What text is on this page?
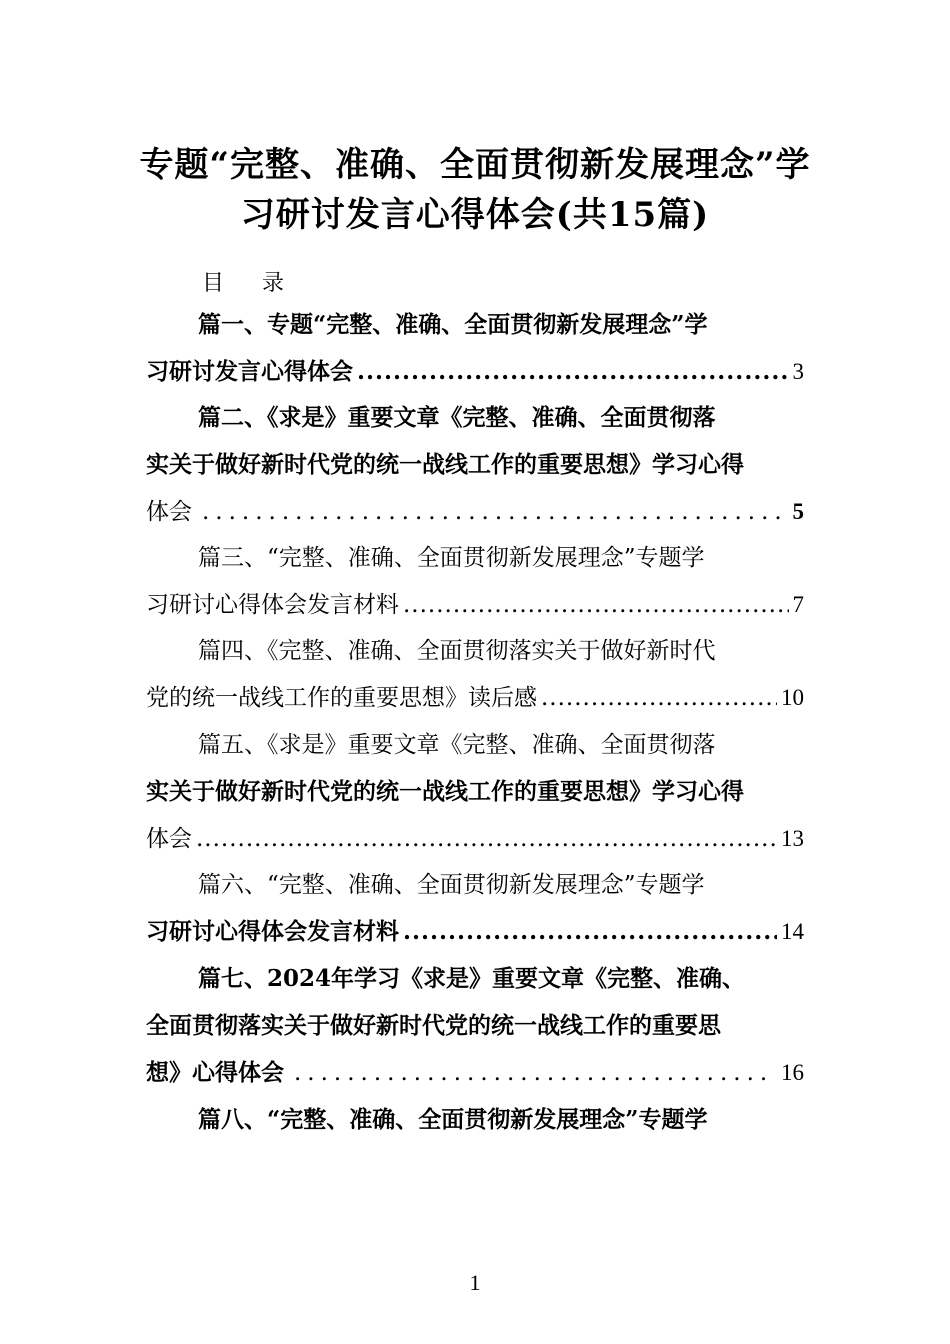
专题“完整、准确、全面贯彻新发展理念”学
习研讨发言心得体会(共15篇)
目 录
篇一、专题“完整、准确、全面贯彻新发展理念”学
习研讨发言心得体会 .....	3
篇二、《求是》重要文章《完整、准确、全面贯彻落
实关于做好新时代党的统一战线工作的重要思想》学习心得
体会 .....	5
篇三、“完整、准确、全面贯彻新发展理念”专题学
习研讨心得体会发言材料 .....	7
篇四、《完整、准确、全面贯彻落实关于做好新时代
党的统一战线工作的重要思想》读后感 .....	10
篇五、《求是》重要文章《完整、准确、全面贯彻落
实关于做好新时代党的统一战线工作的重要思想》学习心得
体会 .....	13
篇六、“完整、准确、全面贯彻新发展理念”专题学
习研讨心得体会发言材料 .....	14
篇七、2024年学习《求是》重要文章《完整、准确、
全面贯彻落实关于做好新时代党的统一战线工作的重要思
想》心得体会 .....	16
篇八、“完整、准确、全面贯彻新发展理念”专题学
1
